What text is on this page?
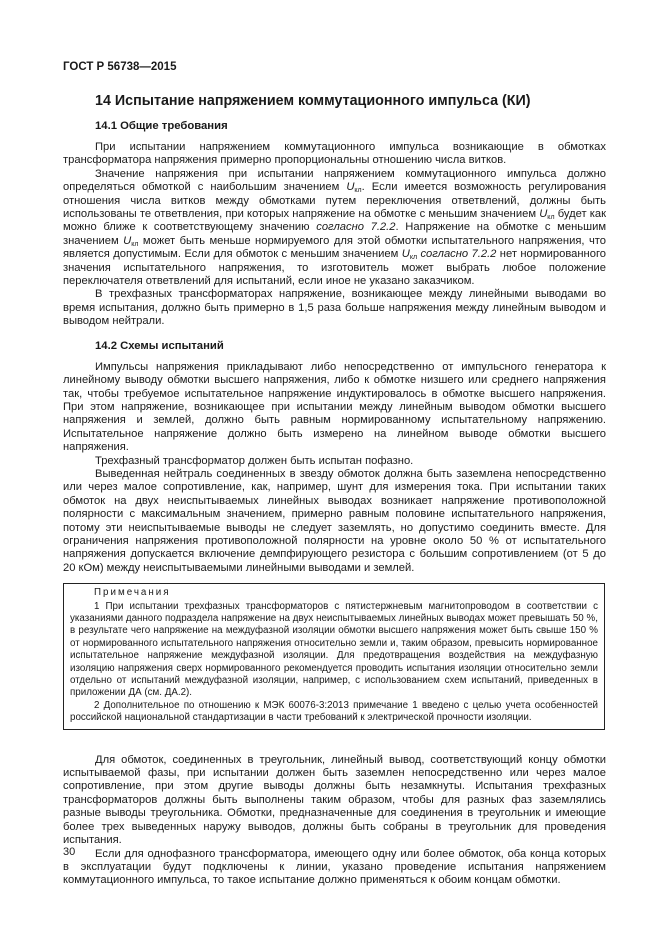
ГОСТ Р 56738—2015
14 Испытание напряжением коммутационного импульса (КИ)
14.1 Общие требования

При испытании напряжением коммутационного импульса возникающие в обмотках трансформатора напряжения примерно пропорциональны отношению числа витков.

Значение напряжения при испытании напряжением коммутационного импульса должно определяться обмоткой с наибольшим значением $U_{кл}$. Если имеется возможность регулирования отношения числа витков между обмотками путем переключения ответвлений, должны быть использованы те ответвления, при которых напряжение на обмотке с меньшим значением $U_{кл}$ будет как можно ближе к соответствующему значению согласно 7.2.2. Напряжение на обмотке с меньшим значением $U_{кл}$ может быть меньше нормируемого для этой обмотки испытательного напряжения, что является допустимым. Если для обмоток с меньшим значением $U_{кл}$ согласно 7.2.2 нет нормированного значения испытательного напряжения, то изготовитель может выбрать любое положение переключателя ответвлений для испытаний, если иное не указано заказчиком.

В трехфазных трансформаторах напряжение, возникающее между линейными выводами во время испытания, должно быть примерно в 1,5 раза больше напряжения между линейным выводом и выводом нейтрали.

14.2 Схемы испытаний

Импульсы напряжения прикладывают либо непосредственно от импульсного генератора к линейному выводу обмотки высшего напряжения, либо к обмотке низшего или среднего напряжения так, чтобы требуемое испытательное напряжение индуктировалось в обмотке высшего напряжения. При этом напряжение, возникающее при испытании между линейным выводом обмотки высшего напряжения и землей, должно быть равным нормированному испытательному напряжению. Испытательное напряжение должно быть измерено на линейном выводе обмотки высшего напряжения.

Трехфазный трансформатор должен быть испытан пофазно.

Выведенная нейтраль соединенных в звезду обмоток должна быть заземлена непосредственно или через малое сопротивление, как, например, шунт для измерения тока. При испытании таких обмоток на двух неиспытываемых линейных выводах возникает напряжение противоположной полярности с максимальным значением, примерно равным половине испытательного напряжения, потому эти неиспытываемые выводы не следует заземлять, но допустимо соединить вместе. Для ограничения напряжения противоположной полярности на уровне около 50 % от испытательного напряжения допускается включение демпфирующего резистора с большим сопротивлением (от 5 до 20 кОм) между неиспытываемыми линейными выводами и землей.

Примечания

1 При испытании трехфазных трансформаторов с пятистержневым магнитопроводом в соответствии с указаниями данного подраздела напряжение на двух неиспытываемых линейных выводах может превышать 50 %, в результате чего напряжение на междуфазной изоляции обмотки высшего напряжения может быть свыше 150 % от нормированного испытательного напряжения относительно земли и, таким образом, превысить нормированное испытательное напряжение междуфазной изоляции. Для предотвращения воздействия на междуфазную изоляцию напряжения сверх нормированного рекомендуется проводить испытания изоляции относительно земли отдельно от испытаний междуфазной изоляции, например, с использованием схем испытаний, приведенных в приложении ДА (см. ДА.2).

2 Дополнительное по отношению к МЭК 60076-3:2013 примечание 1 введено с целью учета особенностей российской национальной стандартизации в части требований к электрической прочности изоляции.

Для обмоток, соединенных в треугольник, линейный вывод, соответствующий концу обмотки испытываемой фазы, при испытании должен быть заземлен непосредственно или через малое сопротивление, при этом другие выводы должны быть незамкнуты. Испытания трехфазных трансформаторов должны быть выполнены таким образом, чтобы для разных фаз заземлялись разные выводы треугольника. Обмотки, предназначенные для соединения в треугольник и имеющие более трех выведенных наружу выводов, должны быть собраны в треугольник для проведения испытания.

Если для однофазного трансформатора, имеющего одну или более обмоток, оба конца которых в эксплуатации будут подключены к линии, указано проведение испытания напряжением коммутационного импульса, то такое испытание должно применяться к обоим концам обмотки.

30
